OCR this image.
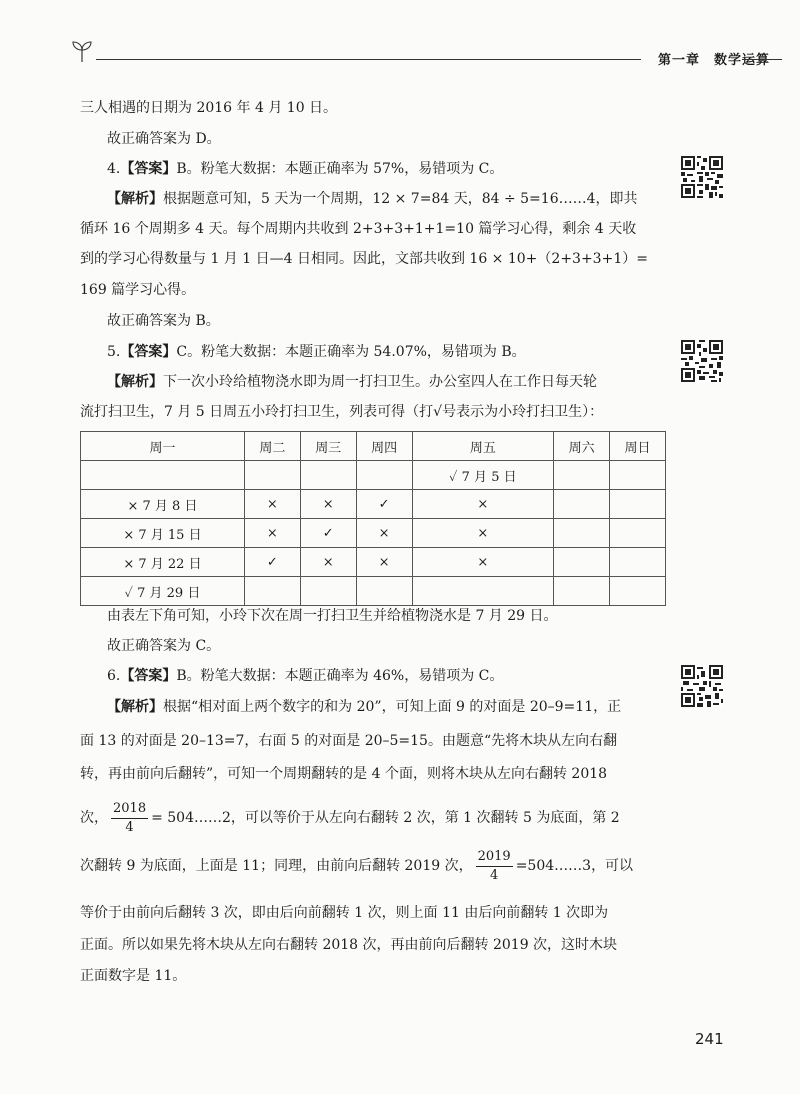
第一章　数学运算
三人相遇的日期为 2016 年 4 月 10 日。
故正确答案为 D。
4.【答案】B。粉笔大数据：本题正确率为 57%，易错项为 C。
【解析】根据题意可知，5 天为一个周期，12 × 7=84 天，84 ÷ 5=16……4，即共
循环 16 个周期多 4 天。每个周期内共收到 2+3+3+1+1=10 篇学习心得，剩余 4 天收
到的学习心得数量与 1 月 1 日—4 日相同。因此，文部共收到 16 × 10+（2+3+3+1）=
169 篇学习心得。
故正确答案为 B。
5.【答案】C。粉笔大数据：本题正确率为 54.07%，易错项为 B。
【解析】下一次小玲给植物浇水即为周一打扫卫生。办公室四人在工作日每天轮
流打扫卫生，7 月 5 日周五小玲打扫卫生，列表可得（打√号表示为小玲打扫卫生）：
周一	周二	周三	周四	周五	周六	周日
				✓ 7 月 5 日		
× 7 月 8 日	×	×	✓	×		
× 7 月 15 日	×	✓	×	×		
× 7 月 22 日	✓	×	×	×		
✓ 7 月 29 日						
由表左下角可知，小玲下次在周一打扫卫生并给植物浇水是 7 月 29 日。
故正确答案为 C。
6.【答案】B。粉笔大数据：本题正确率为 46%，易错项为 C。
【解析】根据“相对面上两个数字的和为 20”，可知上面 9 的对面是 20–9=11，正
面 13 的对面是 20–13=7，右面 5 的对面是 20–5=15。由题意“先将木块从左向右翻
转，再由前向后翻转”，可知一个周期翻转的是 4 个面，则将木块从左向右翻转 2018
次， $\frac{2018}{4}$ = 504……2，可以等价于从左向右翻转 2 次，第 1 次翻转 5 为底面，第 2
次翻转 9 为底面，上面是 11；同理，由前向后翻转 2019 次， $\frac{2019}{4}$ =504……3，可以
等价于由前向后翻转 3 次，即由后向前翻转 1 次，则上面 11 由后向前翻转 1 次即为
正面。所以如果先将木块从左向右翻转 2018 次，再由前向后翻转 2019 次，这时木块
正面数字是 11。
241
